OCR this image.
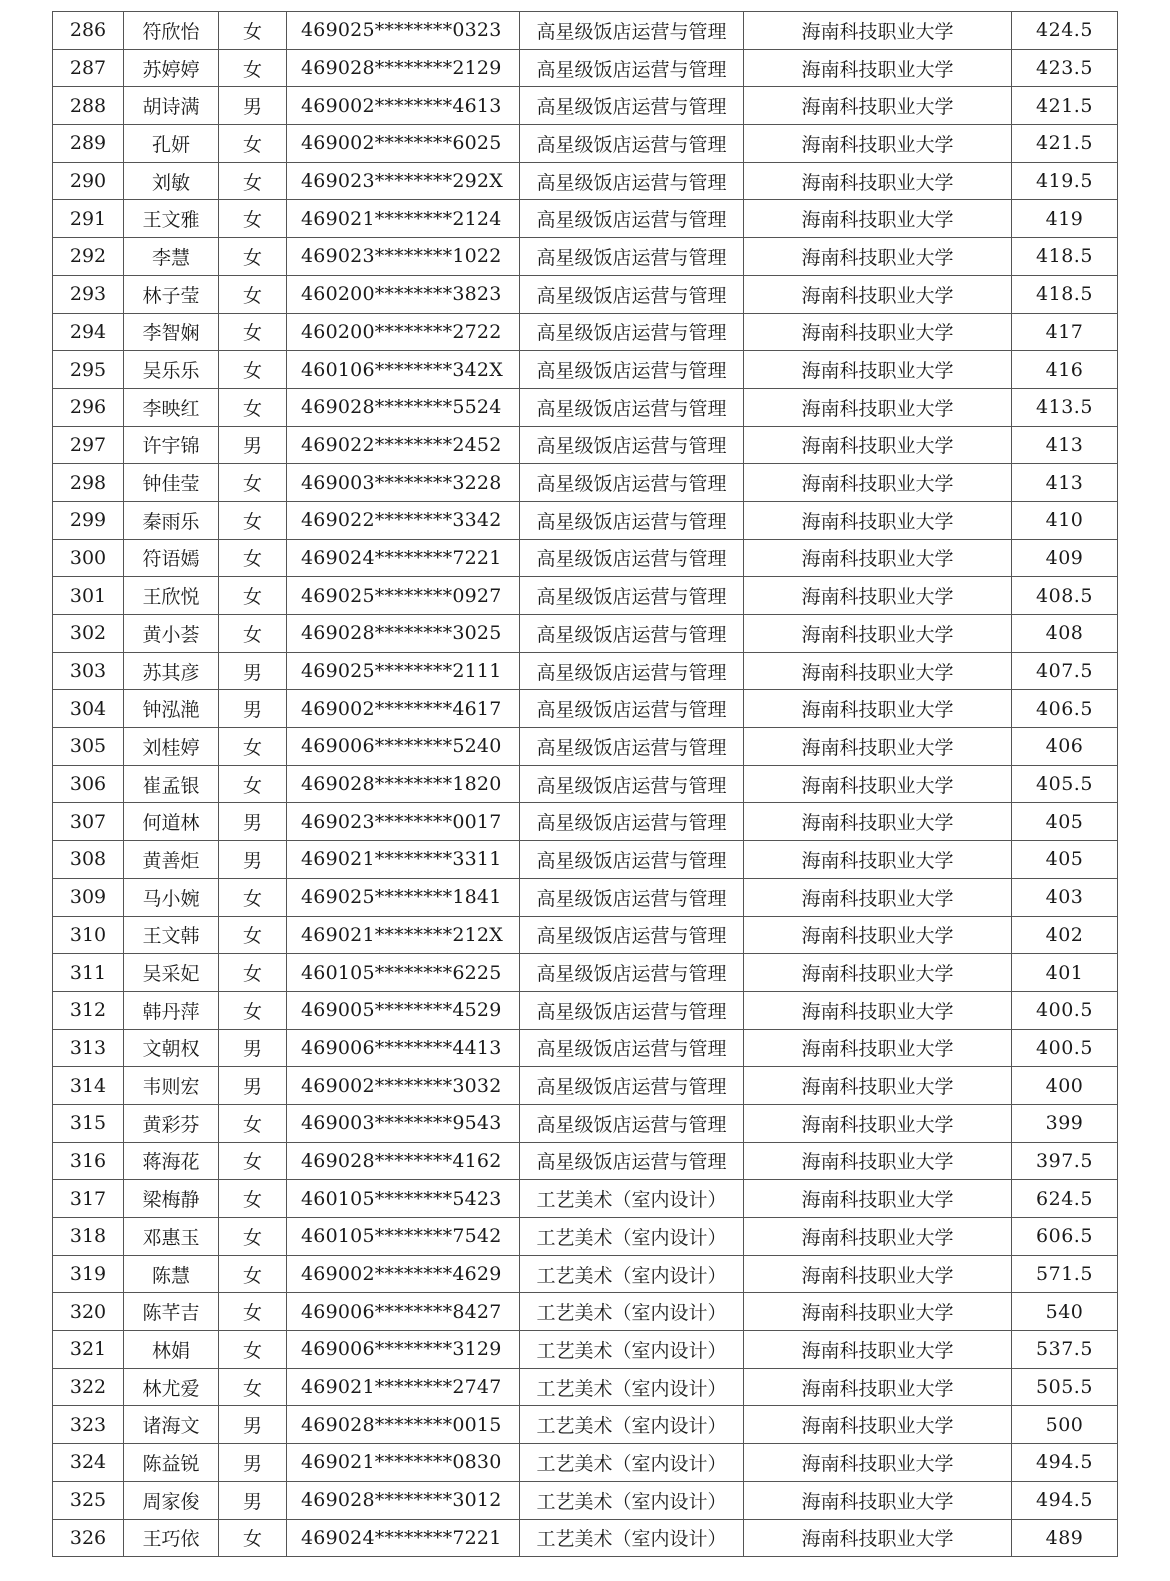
286	符欣怡	女	469025********0323	高星级饭店运营与管理	海南科技职业大学	424.5
287	苏婷婷	女	469028********2129	高星级饭店运营与管理	海南科技职业大学	423.5
288	胡诗满	男	469002********4613	高星级饭店运营与管理	海南科技职业大学	421.5
289	孔妍	女	469002********6025	高星级饭店运营与管理	海南科技职业大学	421.5
290	刘敏	女	469023********292X	高星级饭店运营与管理	海南科技职业大学	419.5
291	王文雅	女	469021********2124	高星级饭店运营与管理	海南科技职业大学	419
292	李慧	女	469023********1022	高星级饭店运营与管理	海南科技职业大学	418.5
293	林子莹	女	460200********3823	高星级饭店运营与管理	海南科技职业大学	418.5
294	李智娴	女	460200********2722	高星级饭店运营与管理	海南科技职业大学	417
295	吴乐乐	女	460106********342X	高星级饭店运营与管理	海南科技职业大学	416
296	李映红	女	469028********5524	高星级饭店运营与管理	海南科技职业大学	413.5
297	许宇锦	男	469022********2452	高星级饭店运营与管理	海南科技职业大学	413
298	钟佳莹	女	469003********3228	高星级饭店运营与管理	海南科技职业大学	413
299	秦雨乐	女	469022********3342	高星级饭店运营与管理	海南科技职业大学	410
300	符语嫣	女	469024********7221	高星级饭店运营与管理	海南科技职业大学	409
301	王欣悦	女	469025********0927	高星级饭店运营与管理	海南科技职业大学	408.5
302	黄小荟	女	469028********3025	高星级饭店运营与管理	海南科技职业大学	408
303	苏其彦	男	469025********2111	高星级饭店运营与管理	海南科技职业大学	407.5
304	钟泓滟	男	469002********4617	高星级饭店运营与管理	海南科技职业大学	406.5
305	刘桂婷	女	469006********5240	高星级饭店运营与管理	海南科技职业大学	406
306	崔孟银	女	469028********1820	高星级饭店运营与管理	海南科技职业大学	405.5
307	何道林	男	469023********0017	高星级饭店运营与管理	海南科技职业大学	405
308	黄善炬	男	469021********3311	高星级饭店运营与管理	海南科技职业大学	405
309	马小婉	女	469025********1841	高星级饭店运营与管理	海南科技职业大学	403
310	王文韩	女	469021********212X	高星级饭店运营与管理	海南科技职业大学	402
311	吴采妃	女	460105********6225	高星级饭店运营与管理	海南科技职业大学	401
312	韩丹萍	女	469005********4529	高星级饭店运营与管理	海南科技职业大学	400.5
313	文朝权	男	469006********4413	高星级饭店运营与管理	海南科技职业大学	400.5
314	韦则宏	男	469002********3032	高星级饭店运营与管理	海南科技职业大学	400
315	黄彩芬	女	469003********9543	高星级饭店运营与管理	海南科技职业大学	399
316	蒋海花	女	469028********4162	高星级饭店运营与管理	海南科技职业大学	397.5
317	梁梅静	女	460105********5423	工艺美术（室内设计）	海南科技职业大学	624.5
318	邓惠玉	女	460105********7542	工艺美术（室内设计）	海南科技职业大学	606.5
319	陈慧	女	469002********4629	工艺美术（室内设计）	海南科技职业大学	571.5
320	陈芊吉	女	469006********8427	工艺美术（室内设计）	海南科技职业大学	540
321	林娟	女	469006********3129	工艺美术（室内设计）	海南科技职业大学	537.5
322	林尤爱	女	469021********2747	工艺美术（室内设计）	海南科技职业大学	505.5
323	诸海文	男	469028********0015	工艺美术（室内设计）	海南科技职业大学	500
324	陈益锐	男	469021********0830	工艺美术（室内设计）	海南科技职业大学	494.5
325	周家俊	男	469028********3012	工艺美术（室内设计）	海南科技职业大学	494.5
326	王巧依	女	469024********7221	工艺美术（室内设计）	海南科技职业大学	489
